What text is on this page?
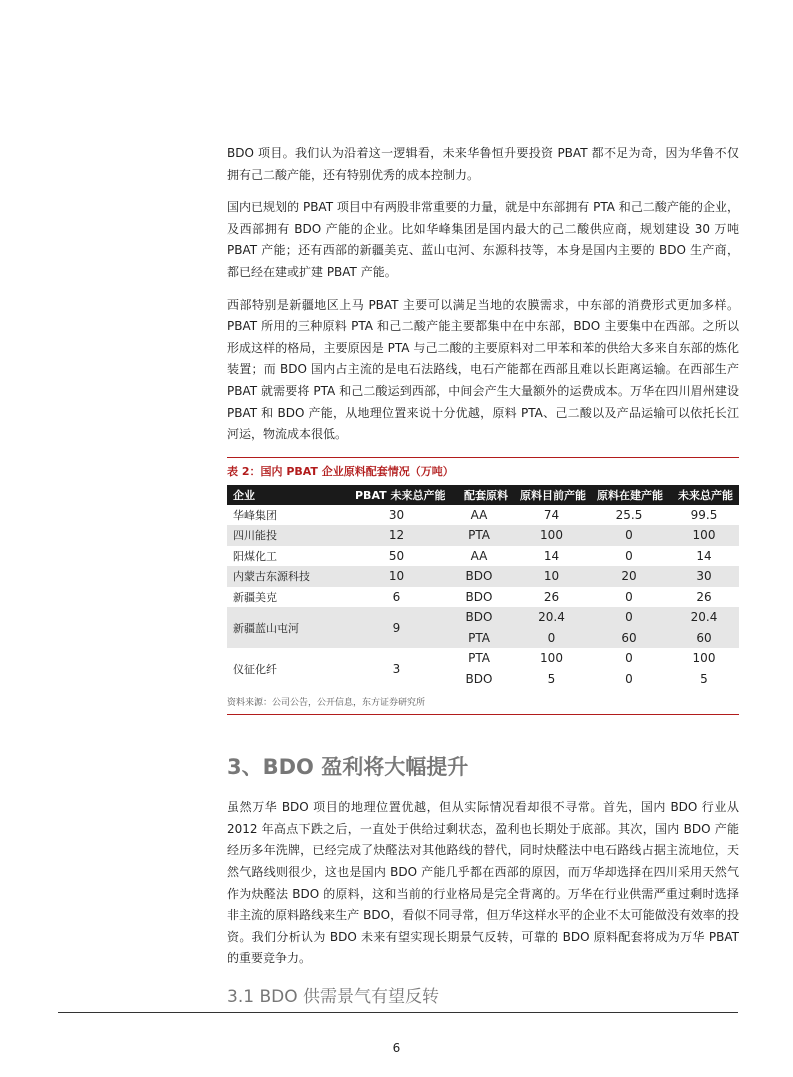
BDO 项目。我们认为沿着这一逻辑看，未来华鲁恒升要投资 PBAT 都不足为奇，因为华鲁不仅拥有己二酸产能，还有特别优秀的成本控制力。

国内已规划的 PBAT 项目中有两股非常重要的力量，就是中东部拥有 PTA 和己二酸产能的企业，及西部拥有 BDO 产能的企业。比如华峰集团是国内最大的己二酸供应商，规划建设 30 万吨 PBAT 产能；还有西部的新疆美克、蓝山屯河、东源科技等，本身是国内主要的 BDO 生产商，都已经在建或扩建 PBAT 产能。

西部特别是新疆地区上马 PBAT 主要可以满足当地的农膜需求，中东部的消费形式更加多样。PBAT 所用的三种原料 PTA 和己二酸产能主要都集中在中东部，BDO 主要集中在西部。之所以形成这样的格局，主要原因是 PTA 与己二酸的主要原料对二甲苯和苯的供给大多来自东部的炼化装置；而 BDO 国内占主流的是电石法路线，电石产能都在西部且难以长距离运输。在西部生产 PBAT 就需要将 PTA 和己二酸运到西部，中间会产生大量额外的运费成本。万华在四川眉州建设 PBAT 和 BDO 产能，从地理位置来说十分优越，原料 PTA、己二酸以及产品运输可以依托长江河运，物流成本很低。

表 2：国内 PBAT 企业原料配套情况（万吨）
企业	PBAT 未来总产能	配套原料	原料目前产能	原料在建产能	未来总产能
华峰集团	30	AA	74	25.5	99.5
四川能投	12	PTA	100	0	100
阳煤化工	50	AA	14	0	14
内蒙古东源科技	10	BDO	10	20	30
新疆美克	6	BDO	26	0	26
新疆蓝山屯河	9	BDO	20.4	0	20.4
		PTA	0	60	60
仪征化纤	3	PTA	100	0	100
		BDO	5	0	5
资料来源：公司公告，公开信息，东方证券研究所
3、BDO 盈利将大幅提升

虽然万华 BDO 项目的地理位置优越，但从实际情况看却很不寻常。首先，国内 BDO 行业从 2012 年高点下跌之后，一直处于供给过剩状态，盈利也长期处于底部。其次，国内 BDO 产能经历多年洗牌，已经完成了炔醛法对其他路线的替代，同时炔醛法中电石路线占据主流地位，天然气路线则很少，这也是国内 BDO 产能几乎都在西部的原因，而万华却选择在四川采用天然气作为炔醛法 BDO 的原料，这和当前的行业格局是完全背离的。万华在行业供需严重过剩时选择非主流的原料路线来生产 BDO，看似不同寻常，但万华这样水平的企业不太可能做没有效率的投资。我们分析认为 BDO 未来有望实现长期景气反转，可靠的 BDO 原料配套将成为万华 PBAT 的重要竞争力。

3.1 BDO 供需景气有望反转
6
